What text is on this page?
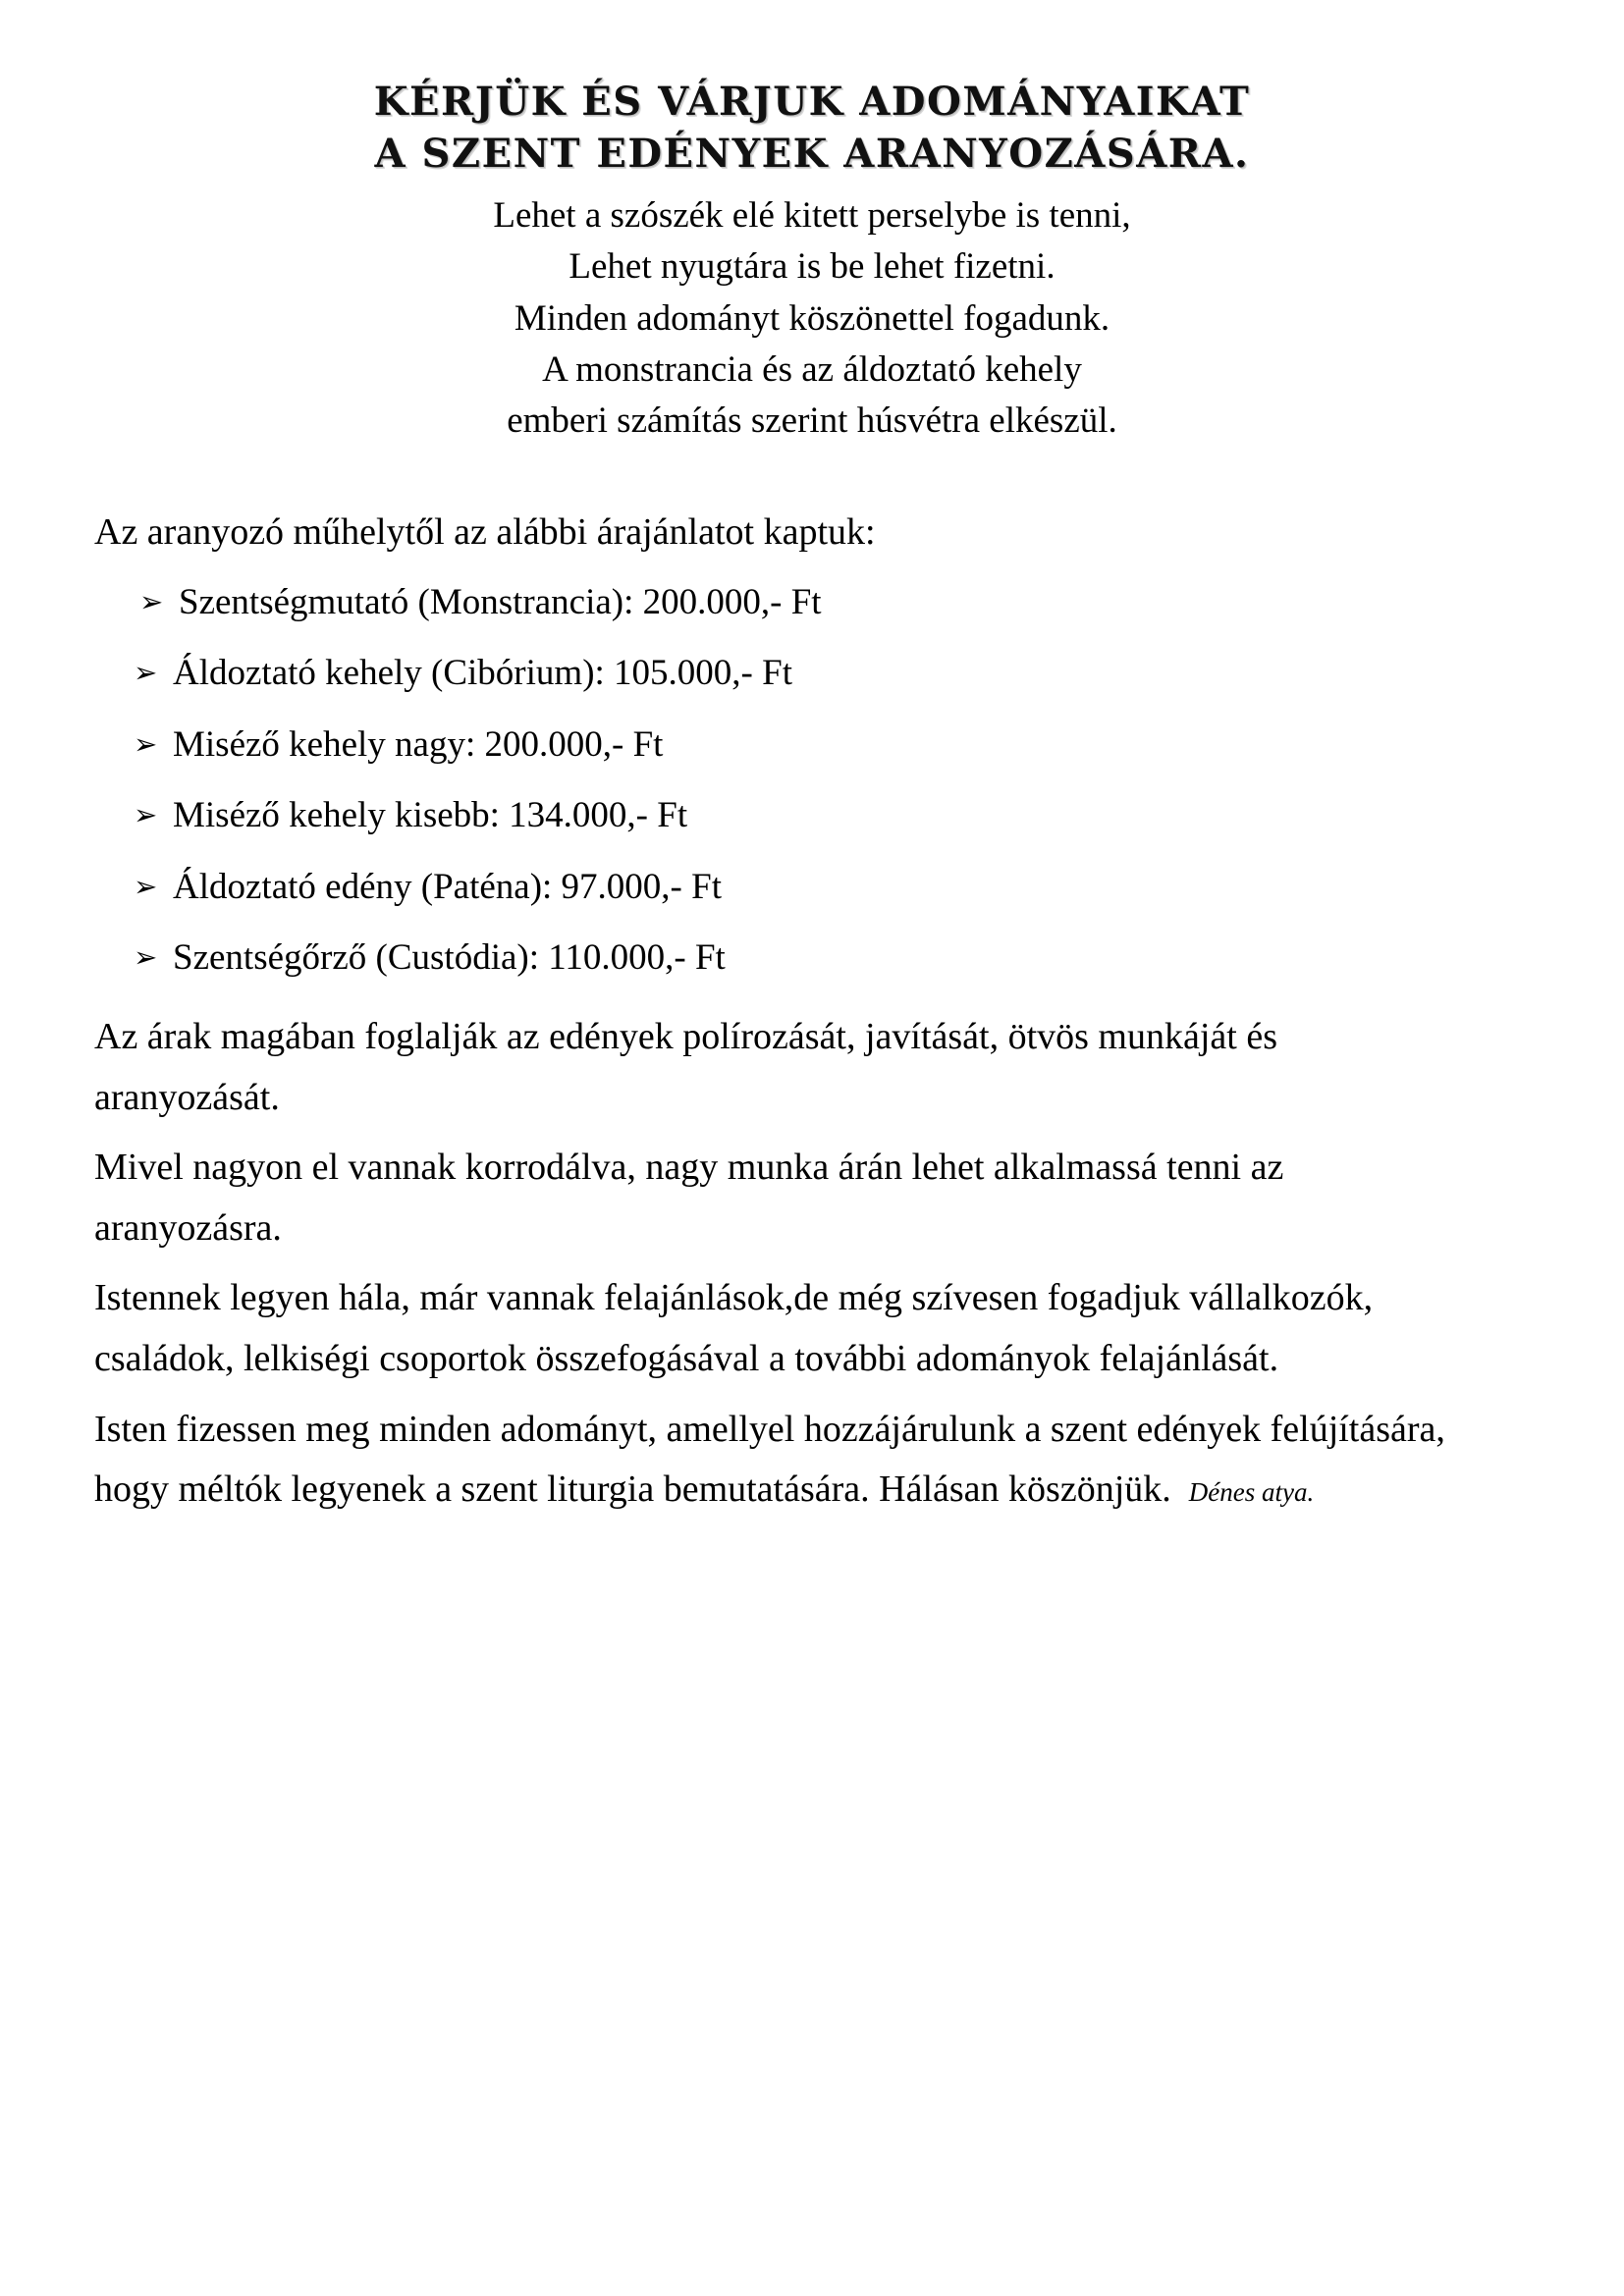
KÉRJÜK ÉS VÁRJUK ADOMÁNYAIKAT
A SZENT EDÉNYEK ARANYOZÁSÁRA.
Lehet a szószék elé kitett perselybe is tenni,
Lehet nyugtára is be lehet fizetni.
Minden adományt köszönettel fogadunk.
A monstrancia és az áldoztató kehely
emberi számítás szerint húsvétra elkészül.
Az aranyozó műhelytől az alábbi árajánlatot kaptuk:
➢ Szentségmutató (Monstrancia): 200.000,- Ft
➢ Áldoztató kehely (Cibórium): 105.000,- Ft
➢ Miséző kehely nagy: 200.000,- Ft
➢ Miséző kehely kisebb: 134.000,- Ft
➢ Áldoztató edény (Paténa): 97.000,- Ft
➢ Szentségőrző (Custódia): 110.000,- Ft
Az árak magában foglalják az edények polírozását, javítását, ötvös munkáját és aranyozását.
Mivel nagyon el vannak korrodálva, nagy munka árán lehet alkalmassá tenni az aranyozásra.
Istennek legyen hála, már vannak felajánlások,de még szívesen fogadjuk vállalkozók, családok, lelkiségi csoportok összefogásával a további adományok felajánlását.
Isten fizessen meg minden adományt, amellyel hozzájárulunk a szent edények felújítására, hogy méltók legyenek a szent liturgia bemutatására. Hálásan köszönjük. Dénes atya.
